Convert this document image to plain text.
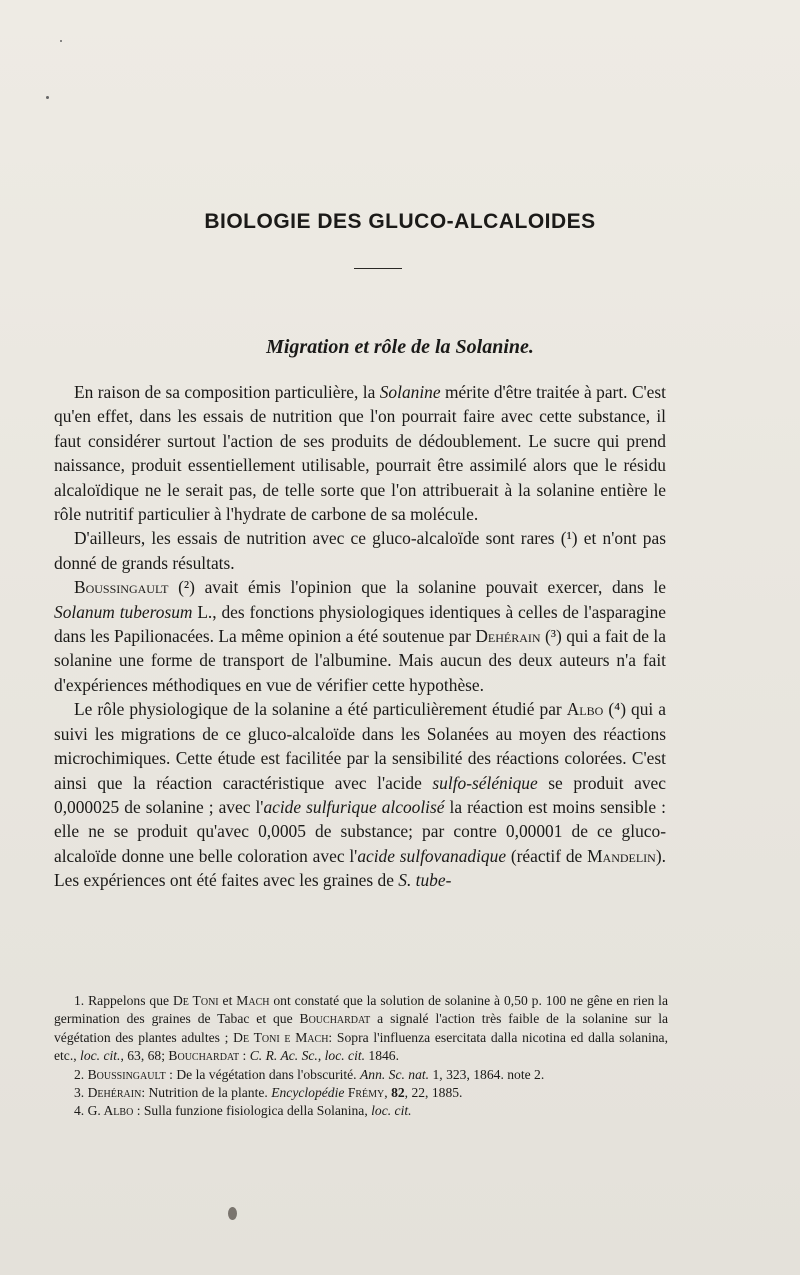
BIOLOGIE DES GLUCO-ALCALOIDES
Migration et rôle de la Solanine.

En raison de sa composition particulière, la Solanine mérite d'être traitée à part. C'est qu'en effet, dans les essais de nutrition que l'on pourrait faire avec cette substance, il faut considérer surtout l'action de ses produits de dédoublement. Le sucre qui prend naissance, produit essentiellement utilisable, pourrait être assimilé alors que le résidu alcaloïdique ne le serait pas, de telle sorte que l'on attribuerait à la solanine entière le rôle nutritif particulier à l'hydrate de carbone de sa molécule.

D'ailleurs, les essais de nutrition avec ce gluco-alcaloïde sont rares (¹) et n'ont pas donné de grands résultats.

Boussingault (²) avait émis l'opinion que la solanine pouvait exercer, dans le Solanum tuberosum L., des fonctions physiologiques identiques à celles de l'asparagine dans les Papilionacées. La même opinion a été soutenue par Dehérain (³) qui a fait de la solanine une forme de transport de l'albumine. Mais aucun des deux auteurs n'a fait d'expériences méthodiques en vue de vérifier cette hypothèse.

Le rôle physiologique de la solanine a été particulièrement étudié par Albo (⁴) qui a suivi les migrations de ce gluco-alcaloïde dans les Solanées au moyen des réactions microchimiques. Cette étude est facilitée par la sensibilité des réactions colorées. C'est ainsi que la réaction caractéristique avec l'acide sulfo-sélénique se produit avec 0,000025 de solanine ; avec l'acide sulfurique alcoolisé la réaction est moins sensible : elle ne se produit qu'avec 0,0005 de substance; par contre 0,00001 de ce gluco-alcaloïde donne une belle coloration avec l'acide sulfovanadique (réactif de Mandelin). Les expériences ont été faites avec les graines de S. tube-

1. Rappelons que De Toni et Mach ont constaté que la solution de solanine à 0,50 p. 100 ne gêne en rien la germination des graines de Tabac et que Bouchardat a signalé l'action très faible de la solanine sur la végétation des plantes adultes ; De Toni e Mach: Sopra l'influenza esercitata dalla nicotina ed dalla solanina, etc., loc. cit., 63, 68; Bouchardat : C. R. Ac. Sc., loc. cit. 1846.

2. Boussingault : De la végétation dans l'obscurité. Ann. Sc. nat. 1, 323, 1864. note 2.

3. Dehérain: Nutrition de la plante. Encyclopédie Frémy, 82, 22, 1885.

4. G. Albo : Sulla funzione fisiologica della Solanina, loc. cit.
